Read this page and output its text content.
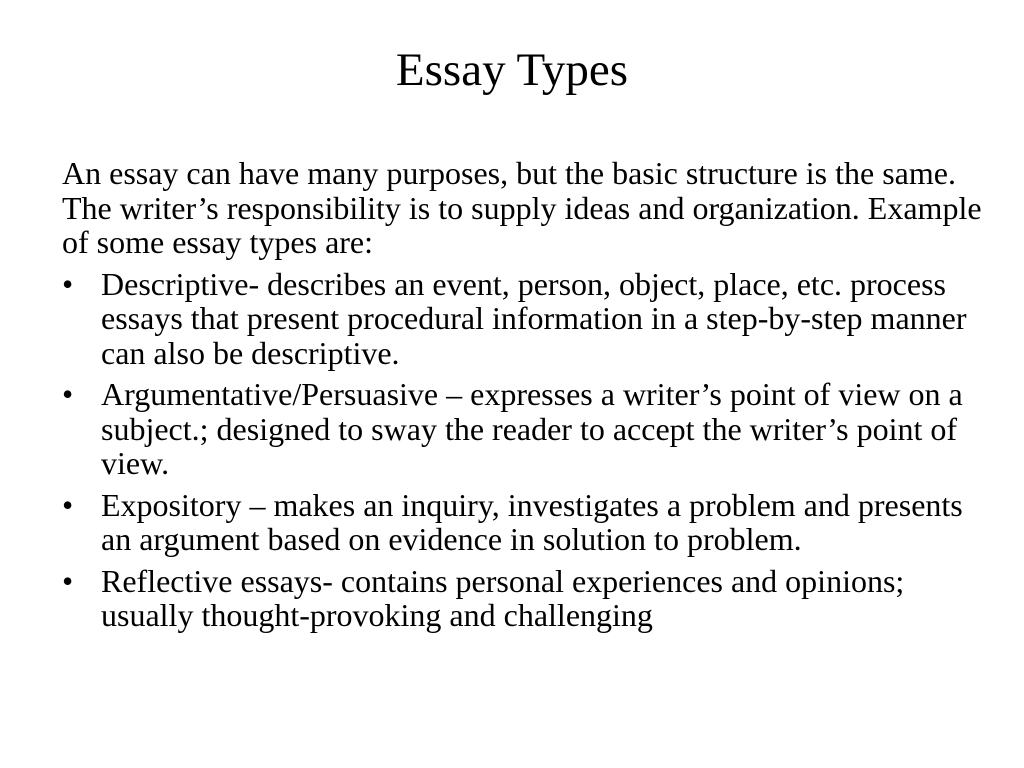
Essay Types

An essay can have many purposes, but the basic structure is the same. The writer’s responsibility is to supply ideas and organization. Example of some essay types are:

• Descriptive- describes an event, person, object, place, etc. process essays that present procedural information in a step-by-step manner can also be descriptive.
• Argumentative/Persuasive – expresses a writer’s point of view on a subject.; designed to sway the reader to accept the writer’s point of view.
• Expository – makes an inquiry, investigates a problem and presents an argument based on evidence in solution to problem.
• Reflective essays- contains personal experiences and opinions; usually thought-provoking and challenging
